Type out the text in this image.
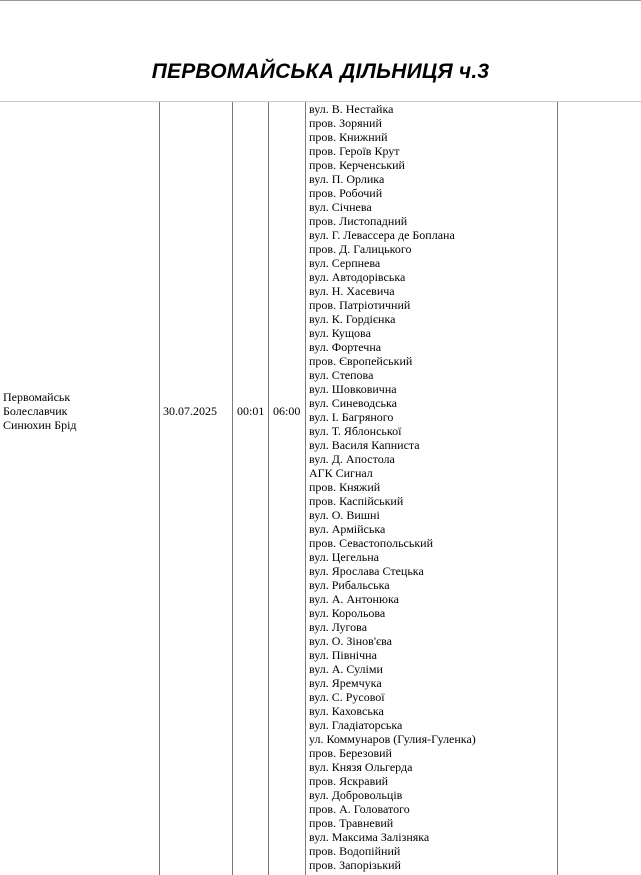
ПЕРВОМАЙСЬКА ДІЛЬНИЦЯ ч.3
Первомайськ
Болеславчик
Синюхин Брід
30.07.2025 00:01 06:00
вул. В. Нестайка
пров. Зоряний
пров. Книжний
пров. Героїв Крут
пров. Керченський
вул. П. Орлика
пров. Робочий
вул. Січнева
пров. Листопадний
вул. Г. Левассера де Боплана
пров. Д. Галицького
вул. Серпнева
вул. Автодорівська
вул. Н. Хасевича
пров. Патріотичний
вул. К. Гордієнка
вул. Кущова
вул. Фортечна
пров. Європейський
вул. Степова
вул. Шовковична
вул. Синеводська
вул. І. Багряного
вул. Т. Яблонської
вул. Василя Капниста
вул. Д. Апостола
АГК Сигнал
пров. Княжий
пров. Каспійський
вул. О. Вишні
вул. Армійська
пров. Севастопольський
вул. Цегельна
вул. Ярослава Стецька
вул. Рибальська
вул. А. Антонюка
вул. Корольова
вул. Лугова
вул. О. Зінов'єва
вул. Північна
вул. А. Суліми
вул. Яремчука
вул. С. Русової
вул. Каховська
вул. Гладіаторська
ул. Коммунаров (Гулия-Гуленка)
пров. Березовий
вул. Князя Ольгерда
пров. Яскравий
вул. Добровольців
пров. А. Головатого
пров. Травневий
вул. Максима Залізняка
пров. Водопійний
пров. Запорізький
